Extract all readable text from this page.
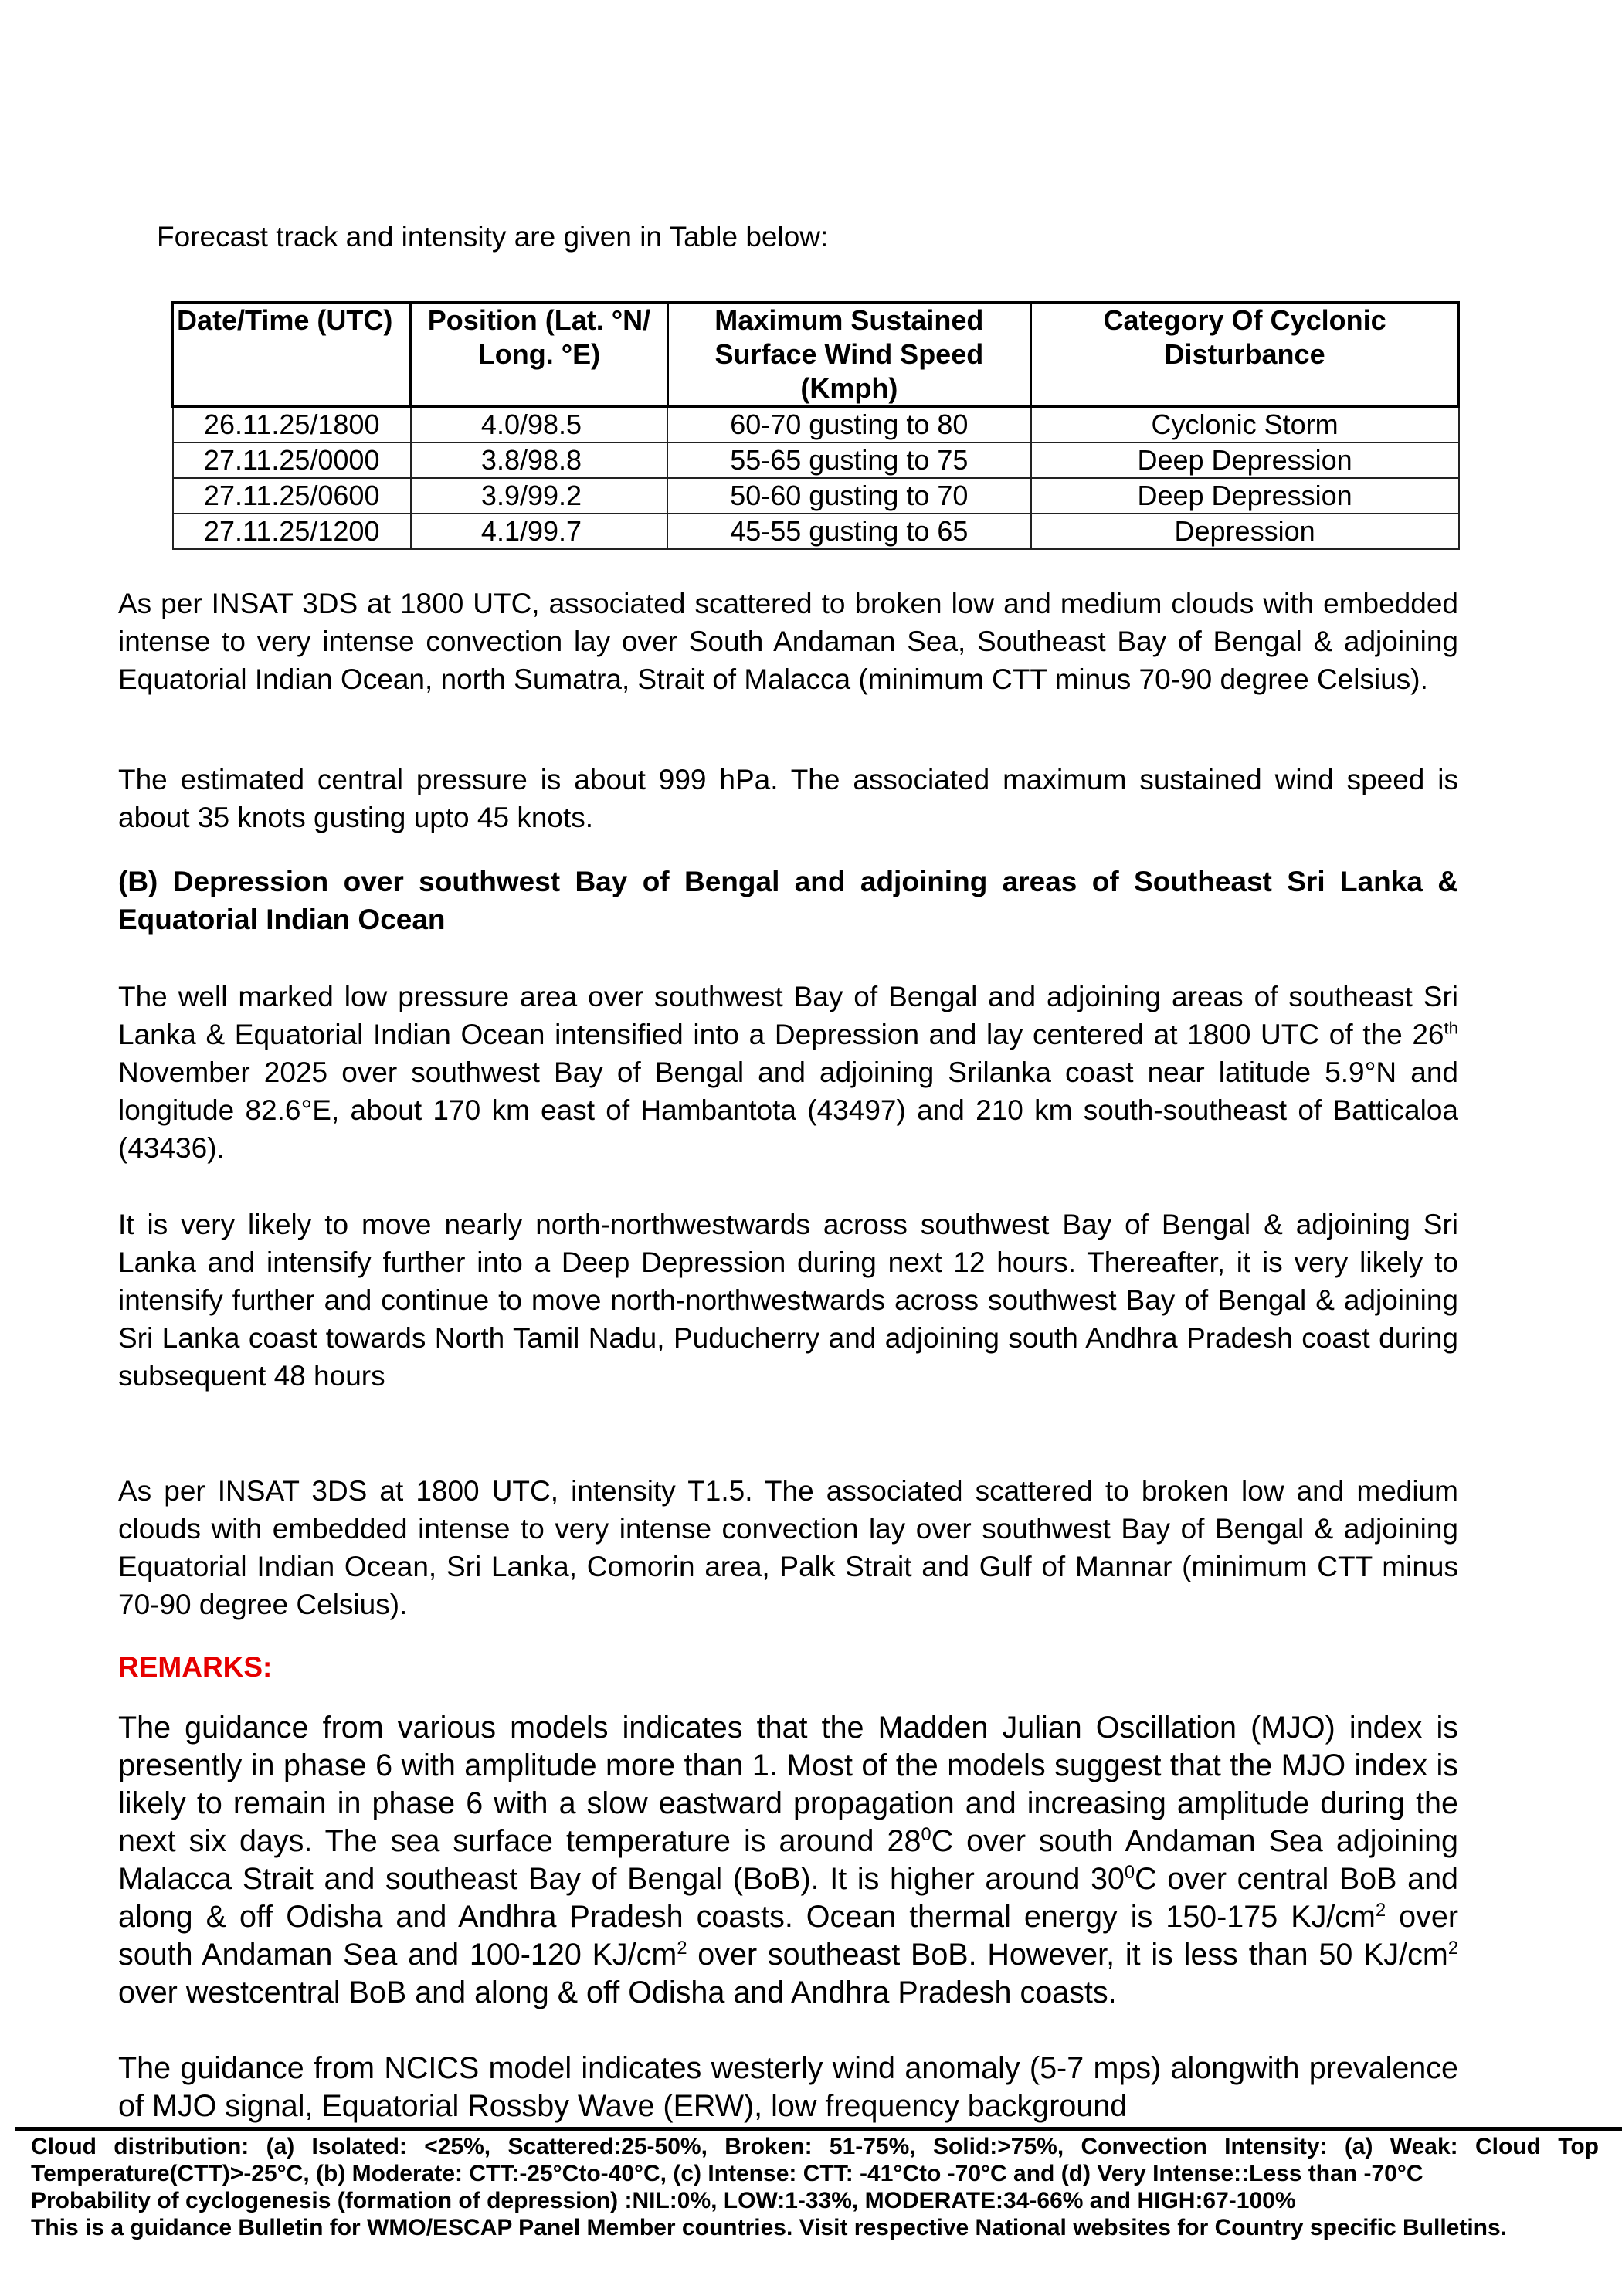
Forecast track and intensity are given in Table below:
Date/Time (UTC)	Position (Lat. °N/ Long. °E)	Maximum Sustained Surface Wind Speed (Kmph)	Category Of Cyclonic Disturbance
26.11.25/1800	4.0/98.5	60-70 gusting to 80	Cyclonic Storm
27.11.25/0000	3.8/98.8	55-65 gusting to 75	Deep Depression
27.11.25/0600	3.9/99.2	50-60 gusting to 70	Deep Depression
27.11.25/1200	4.1/99.7	45-55 gusting to 65	Depression
As per INSAT 3DS at 1800 UTC, associated scattered to broken low and medium clouds with embedded intense to very intense convection lay over South Andaman Sea, Southeast Bay of Bengal & adjoining Equatorial Indian Ocean, north Sumatra, Strait of Malacca (minimum CTT minus 70-90 degree Celsius).
The estimated central pressure is about 999 hPa. The associated maximum sustained wind speed is about 35 knots gusting upto 45 knots.
(B) Depression over southwest Bay of Bengal and adjoining areas of Southeast Sri Lanka & Equatorial Indian Ocean
The well marked low pressure area over southwest Bay of Bengal and adjoining areas of southeast Sri Lanka & Equatorial Indian Ocean intensified into a Depression and lay centered at 1800 UTC of the 26th November 2025 over southwest Bay of Bengal and adjoining Srilanka coast near latitude 5.9°N and longitude 82.6°E, about 170 km east of Hambantota (43497) and 210 km south-southeast of Batticaloa (43436).
It is very likely to move nearly north-northwestwards across southwest Bay of Bengal & adjoining Sri Lanka and intensify further into a Deep Depression during next 12 hours. Thereafter, it is very likely to intensify further and continue to move north-northwestwards across southwest Bay of Bengal & adjoining Sri Lanka coast towards North Tamil Nadu, Puducherry and adjoining south Andhra Pradesh coast during subsequent 48 hours
As per INSAT 3DS at 1800 UTC, intensity T1.5. The associated scattered to broken low and medium clouds with embedded intense to very intense convection lay over southwest Bay of Bengal & adjoining Equatorial Indian Ocean, Sri Lanka, Comorin area, Palk Strait and Gulf of Mannar (minimum CTT minus 70-90 degree Celsius).
REMARKS:
The guidance from various models indicates that the Madden Julian Oscillation (MJO) index is presently in phase 6 with amplitude more than 1. Most of the models suggest that the MJO index is likely to remain in phase 6 with a slow eastward propagation and increasing amplitude during the next six days. The sea surface temperature is around $28^0C$ over south Andaman Sea adjoining Malacca Strait and southeast Bay of Bengal (BoB). It is higher around $30^0C$ over central BoB and along & off Odisha and Andhra Pradesh coasts. Ocean thermal energy is 150-175 $KJ/cm^2$ over south Andaman Sea and 100-120 $KJ/cm^2$ over southeast BoB. However, it is less than 50 $KJ/cm^2$ over westcentral BoB and along & off Odisha and Andhra Pradesh coasts.
The guidance from NCICS model indicates westerly wind anomaly (5-7 mps) alongwith prevalence of MJO signal, Equatorial Rossby Wave (ERW), low frequency background

Cloud distribution: (a) Isolated: <25%, Scattered:25-50%, Broken: 51-75%, Solid:>75%, Convection Intensity: (a) Weak: Cloud Top Temperature(CTT)>-25°C, (b) Moderate: CTT:-25°Cto-40°C, (c) Intense: CTT: -41°Cto -70°C and (d) Very Intense::Less than -70°C

Probability of cyclogenesis (formation of depression) :NIL:0%, LOW:1-33%, MODERATE:34-66% and HIGH:67-100%

This is a guidance Bulletin for WMO/ESCAP Panel Member countries. Visit respective National websites for Country specific Bulletins.
